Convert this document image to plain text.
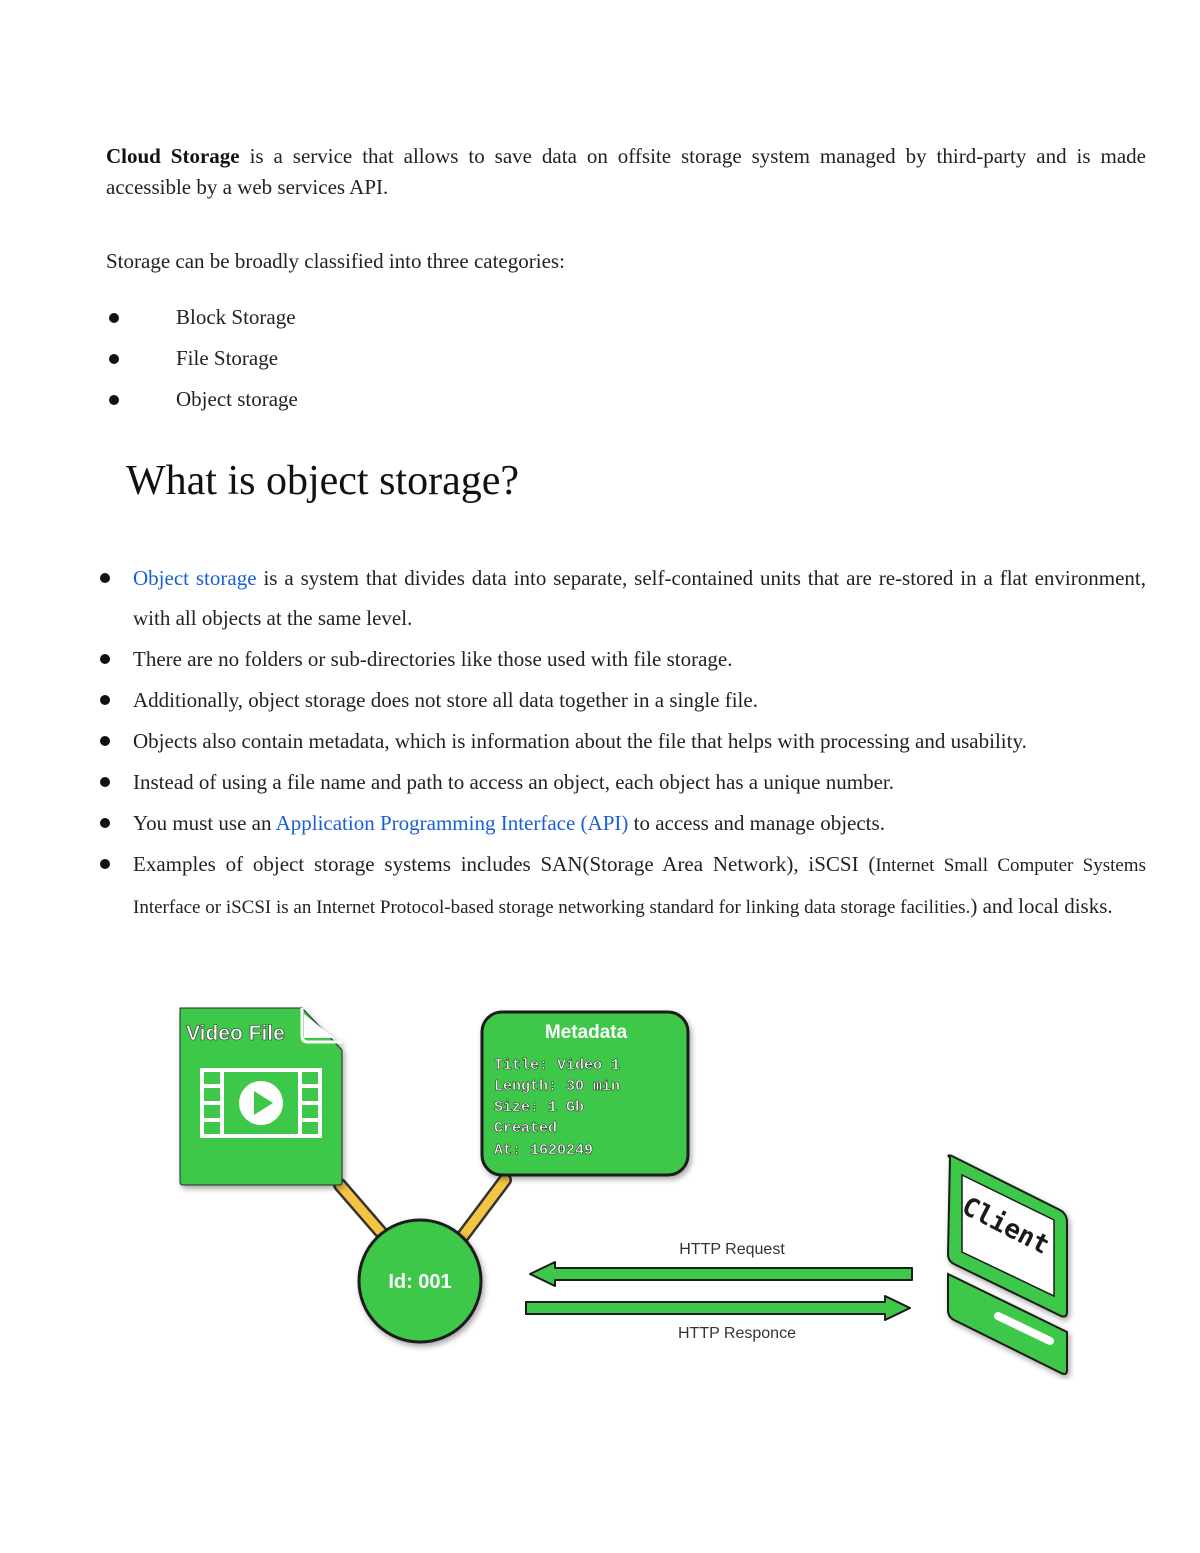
Cloud Storage is a service that allows to save data on offsite storage system managed by third-party and is made accessible by a web services API.

Storage can be broadly classified into three categories:

Block Storage
File Storage
Object storage
What is object storage?
Object storage is a system that divides data into separate, self-contained units that are re-stored in a flat environment, with all objects at the same level.
There are no folders or sub-directories like those used with file storage.
Additionally, object storage does not store all data together in a single file.
Objects also contain metadata, which is information about the file that helps with processing and usability.
Instead of using a file name and path to access an object, each object has a unique number.
You must use an Application Programming Interface (API) to access and manage objects.
Examples of object storage systems includes SAN(Storage Area Network), iSCSI (Internet Small Computer Systems Interface or iSCSI is an Internet Protocol-based storage networking standard for linking data storage facilities.) and local disks.
Video File	Metadata
Title: Video 1
Length: 30 min
Size: 1 Gb
Created
At: 1620249
Id: 001
HTTP Request
HTTP Responce
Client
